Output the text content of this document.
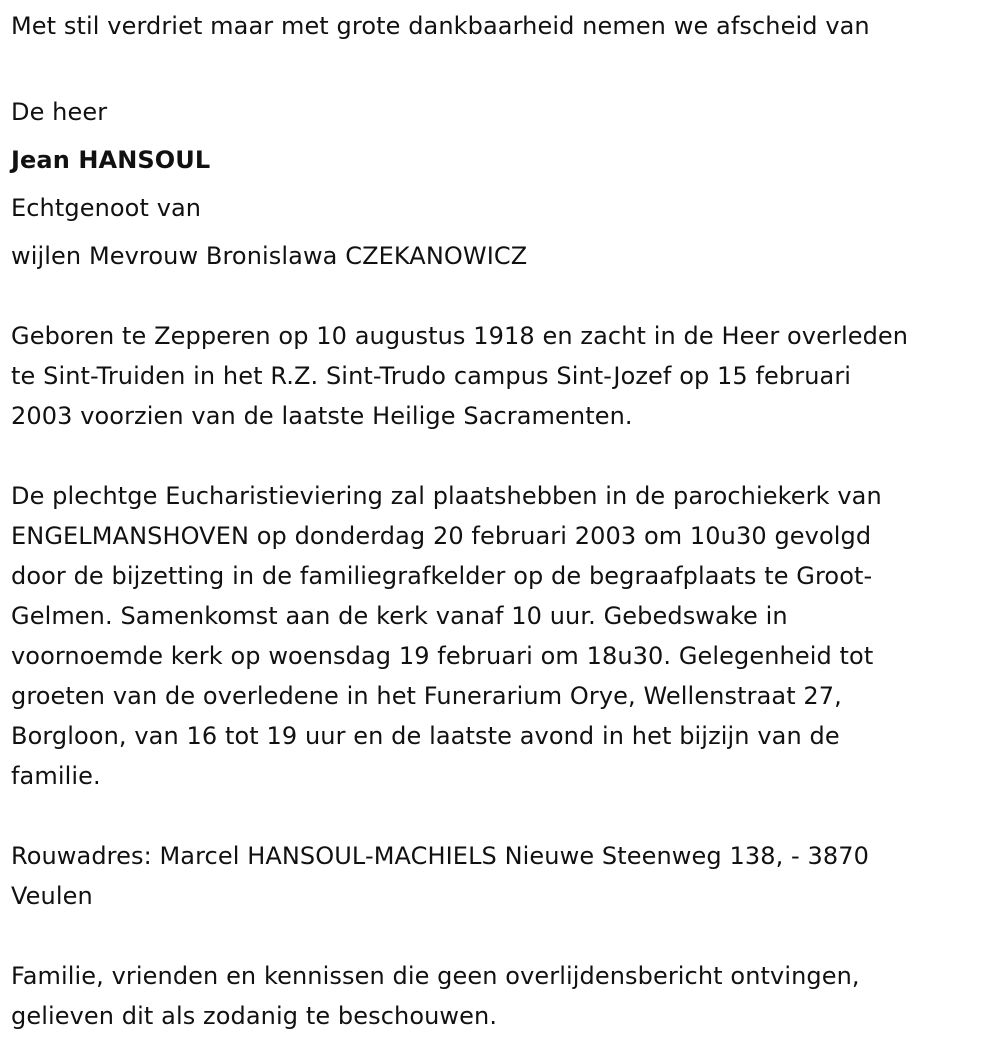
Met stil verdriet maar met grote dankbaarheid nemen we afscheid van
De heer
Jean HANSOUL
Echtgenoot van
wijlen Mevrouw Bronislawa CZEKANOWICZ

Geboren te Zepperen op 10 augustus 1918 en zacht in de Heer overleden
te Sint-Truiden in het R.Z. Sint-Trudo campus Sint-Jozef op 15 februari
2003 voorzien van de laatste Heilige Sacramenten.

De plechtge Eucharistieviering zal plaatshebben in de parochiekerk van
ENGELMANSHOVEN op donderdag 20 februari 2003 om 10u30 gevolgd
door de bijzetting in de familiegrafkelder op de begraafplaats te Groot-
Gelmen. Samenkomst aan de kerk vanaf 10 uur. Gebedswake in
voornoemde kerk op woensdag 19 februari om 18u30. Gelegenheid tot
groeten van de overledene in het Funerarium Orye, Wellenstraat 27,
Borgloon, van 16 tot 19 uur en de laatste avond in het bijzijn van de
familie.

Rouwadres: Marcel HANSOUL-MACHIELS Nieuwe Steenweg 138, - 3870
Veulen

Familie, vrienden en kennissen die geen overlijdensbericht ontvingen,
gelieven dit als zodanig te beschouwen.
